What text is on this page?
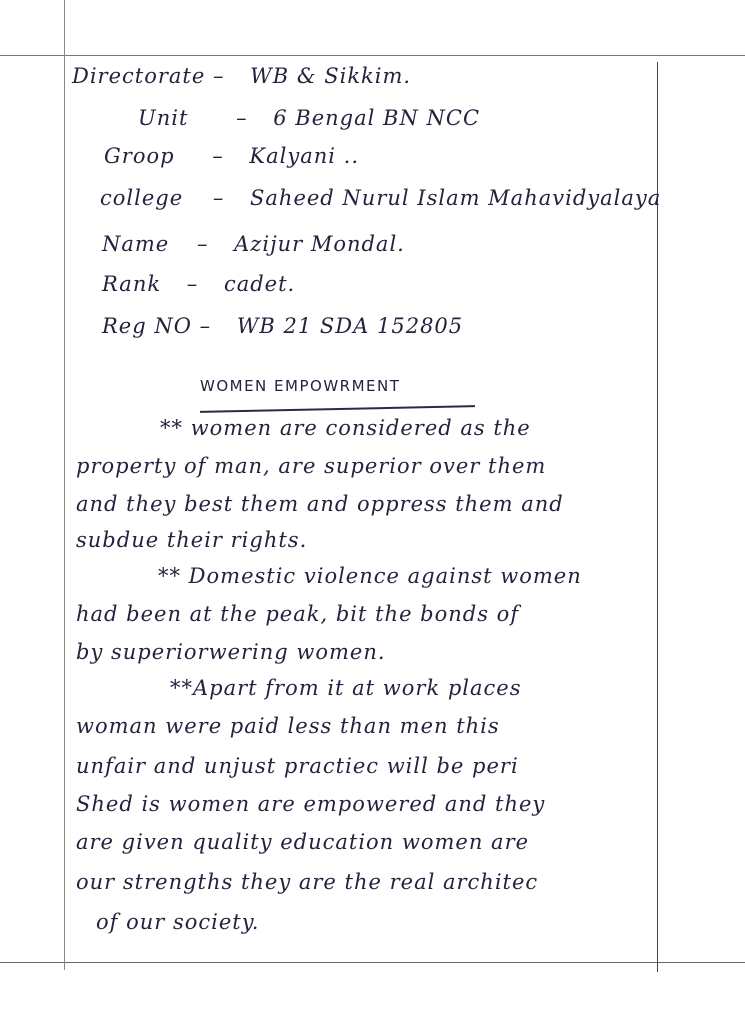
Directorate – WB & Sikkim.
Unit – 6 Bengal BN NCC
Groop – Kalyani ..
college – Saheed Nurul Islam Mahavidyalaya
Name – Azijur Mondal.
Rank – cadet.
Reg NO – WB 21 SDA 152805
WOMEN EMPOWRMENT
** women are considered as the
property of man, are superior over them
and they best them and oppress them and
subdue their rights.
** Domestic violence against women
had been at the peak, bit the bonds of
by superiorwering women.
**Apart from it at work places
woman were paid less than men this
unfair and unjust practiec will be peri
Shed is women are empowered and they
are given quality education women are
our strengths they are the real architec
of our society.
